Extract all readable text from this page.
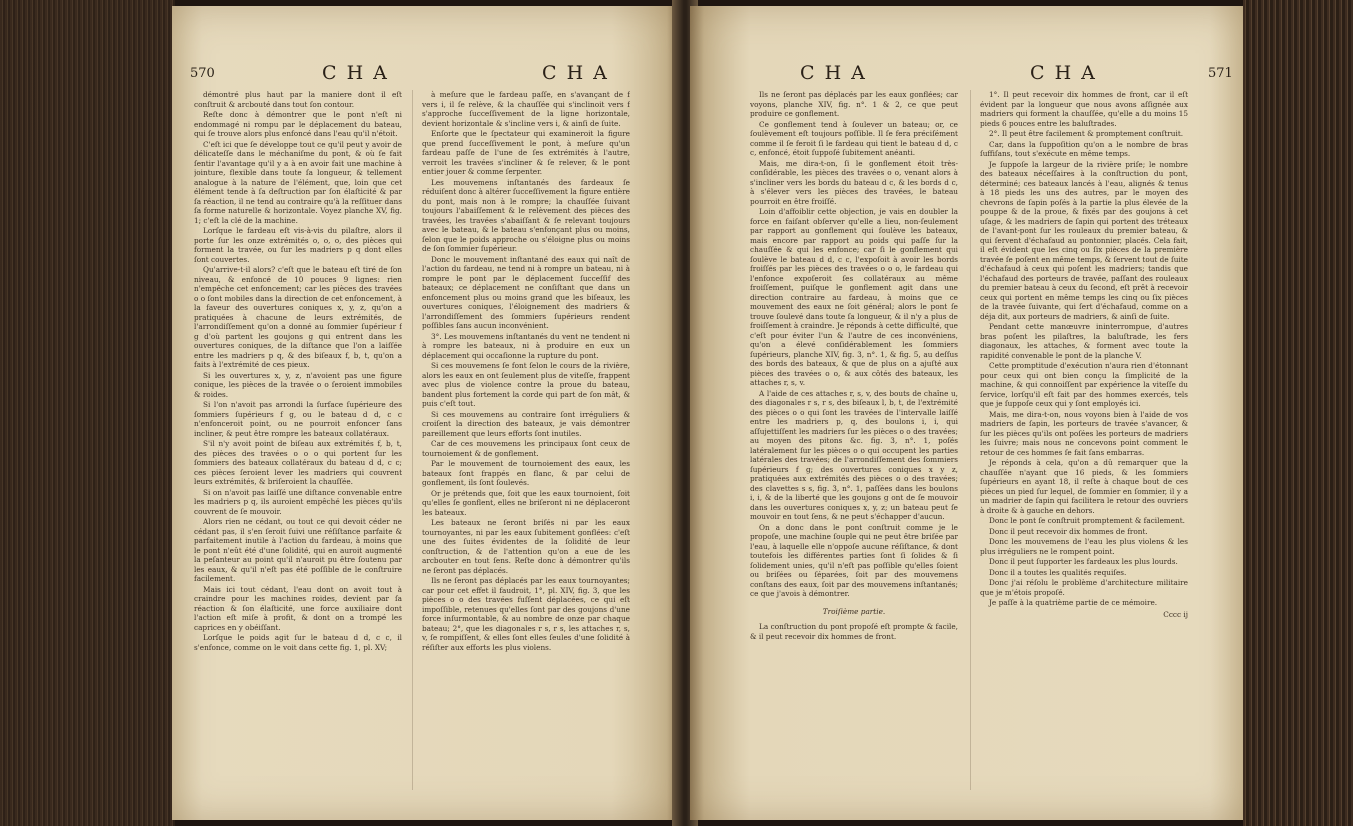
570	C H A	C H A

démontré plus haut par la maniere dont il eſt conſtruit & arcbouté dans tout ſon contour.

Reſte donc à démontrer que le pont n'eſt ni endommagé ni rompu par le déplacement du bateau, qui ſe trouve alors plus enfoncé dans l'eau qu'il n'étoit.

C'eſt ici que ſe développe tout ce qu'il peut y avoir de délicateſſe dans le méchaniſme du pont, & où ſe fait ſentir l'avantage qu'il y a à en avoir fait une machine à jointure, flexible dans toute ſa longueur, & tellement analogue à la nature de l'élément, que, loin que cet élément tende à ſa deſtruction par ſon élaſticité & par ſa réaction, il ne tend au contraire qu'à la reſſituer dans ſa forme naturelle & horizontale. Voyez planche XV, fig. 1; c'eſt la clé de la machine.

Lorſque le fardeau eſt vis-à-vis du pilaſtre, alors il porte ſur les onze extrémités o, o, o, des pièces qui forment la travée, ou ſur les madriers p q dont elles ſont couvertes.

Qu'arrive-t-il alors? c'eſt que le bateau eſt tiré de ſon niveau, & enfoncé de 10 pouces 9 lignes: rien n'empêche cet enfoncement; car les pièces des travées o o ſont mobiles dans la direction de cet enfoncement, à la faveur des ouvertures coniques x, y, z, qu'on a pratiquées à chacune de leurs extrémités, de l'arrondiſſement qu'on a donné au ſommier ſupérieur f g d'où partent les goujons g qui entrent dans les ouvertures coniques, de la diſtance que l'on a laiſſée entre les madriers p q, & des biſeaux f, b, t, qu'on a faits à l'extrémité de ces pieux.

Si les ouvertures x, y, z, n'avoient pas une figure conique, les pièces de la travée o o ſeroient immobiles & roides.

Si l'on n'avoit pas arrondi la ſurface ſupérieure des ſommiers ſupérieurs f g, ou le bateau d d, c c n'enfonceroit point, ou ne pourroit enfoncer ſans incliner, & peut être rompre les bateaux collatéraux.

S'il n'y avoit point de biſeau aux extrémités f, b, t, des pièces des travées o o o qui portent ſur les ſommiers des bateaux collatéraux du bateau d d, c c; ces pièces ſeroient lever les madriers qui couvrent leurs extrémités, & briſeroient la chauſſée.

Si on n'avoit pas laiſſé une diſtance convenable entre les madriers p q, ils auroient empêché les pièces qu'ils couvrent de ſe mouvoir.

Alors rien ne cédant, ou tout ce qui devoit céder ne cédant pas, il s'en ſeroit ſuivi une réſiſtance parfaite & parfaitement inutile à l'action du fardeau, à moins que le pont n'eût été d'une ſolidité, qui en auroit augmenté la peſanteur au point qu'il n'auroit pu être ſoutenu par les eaux, & qu'il n'eſt pas été poſſible de le conſtruire facilement.

Mais ici tout cédant, l'eau dont on avoit tout à craindre pour les machines roides, devient par ſa réaction & ſon élaſticité, une force auxiliaire dont l'action eſt miſe à profit, & dont on a trompé les caprices en y obéiſſant.

Lorſque le poids agit ſur le bateau d d, c c, il s'enfonce, comme on le voit dans cette fig. 1, pl. XV;

à meſure que le fardeau paſſe, en s'avançant de f vers i, il ſe relève, & la chauſſée qui s'inclinoit vers f s'approche ſucceſſivement de la ligne horizontale, devient horizontale & s'incline vers i, & ainſi de ſuite.

Enſorte que le ſpectateur qui examineroit la figure que prend ſucceſſivement le pont, à meſure qu'un fardeau paſſe de l'une de ſes extrémités à l'autre, verroit les travées s'incliner & ſe relever, & le pont entier jouer & comme ſerpenter.

Les mouvemens inſtantanés des fardeaux ſe réduiſent donc à altérer ſucceſſivement la figure entière du pont, mais non à le rompre; la chauſſée ſuivant toujours l'abaiſſement & le relèvement des pièces des travées, les travées s'abaiſſant & ſe relevant toujours avec le bateau, & le bateau s'enfonçant plus ou moins, ſelon que le poids approche ou s'éloigne plus ou moins de ſon ſommier ſupérieur.

Donc le mouvement inſtantané des eaux qui naît de l'action du fardeau, ne tend ni à rompre un bateau, ni à rompre le pont par le déplacement ſucceſſif des bateaux; ce déplacement ne conſiſtant que dans un enfoncement plus ou moins grand que les biſeaux, les ouvertures coniques, l'éloignement des madriers & l'arrondiſſement des ſommiers ſupérieurs rendent poſſibles ſans aucun inconvénient.

3°. Les mouvemens inſtantanés du vent ne tendent ni à rompre les bateaux, ni à produire en eux un déplacement qui occaſionne la rupture du pont.

Si ces mouvemens ſe font ſelon le cours de la rivière, alors les eaux en ont ſeulement plus de viteſſe, frappent avec plus de violence contre la proue du bateau, bandent plus fortement la corde qui part de ſon mât, & puis c'eſt tout.

Si ces mouvemens au contraire ſont irréguliers & croiſent la direction des bateaux, je vais démontrer pareillement que leurs efforts ſont inutiles.

Car de ces mouvemens les principaux ſont ceux de tournoiement & de gonflement.

Par le mouvement de tournoiement des eaux, les bateaux ſont frappés en flanc, & par celui de gonflement, ils ſont ſoulevés.

Or je prétends que, ſoit que les eaux tournoient, ſoit qu'elles ſe gonflent, elles ne briſeront ni ne déplaceront les bateaux.

Les bateaux ne ſeront briſés ni par les eaux tournoyantes, ni par les eaux ſubitement gonflées: c'eſt une des ſuites évidentes de la ſolidité de leur conſtruction, & de l'attention qu'on a eue de les arcbouter en tout ſens. Reſte donc à démontrer qu'ils ne ſeront pas déplacés.

Ils ne ſeront pas déplacés par les eaux tournoyantes; car pour cet effet il faudroit, 1°, pl. XIV, fig. 3, que les pièces o o des travées fuſſent déplacées, ce qui eſt impoſſible, retenues qu'elles ſont par des goujons d'une force inſurmontable, & au nombre de onze par chaque bateau; 2°, que les diagonales r s, r s, les attaches r, s, v, ſe rompiſſent, & elles ſont elles ſeules d'une ſolidité à réſiſter aux efforts les plus violens.

C H A	C H A	571

Ils ne ſeront pas déplacés par les eaux gonflées; car voyons, planche XIV, fig. n°. 1 & 2, ce que peut produire ce gonflement.

Ce gonflement tend à ſoulever un bateau; or, ce ſoulèvement eſt toujours poſſible. Il ſe fera préciſément comme il ſe feroit ſi le fardeau qui tient le bateau d d, c c, enfoncé, étoit ſuppoſé ſubitement anéanti.

Mais, me dira-t-on, ſi le gonflement étoit très-conſidérable, les pièces des travées o o, venant alors à s'incliner vers les bords du bateau d c, & les bords d c, à s'élever vers les pièces des travées, le bateau pourroit en être froiſſé.

Loin d'affoiblir cette objection, je vais en doubler la force en faiſant obſerver qu'elle a lieu, non-ſeulement par rapport au gonflement qui ſoulève les bateaux, mais encore par rapport au poids qui paſſe ſur la chauſſée & qui les enfonce; car ſi le gonflement qui ſoulève le bateau d d, c c, l'expoſoit à avoir les bords froiſſés par les pièces des travées o o o, le fardeau qui l'enfonce expoſeroit ſes collatéraux au même froiſſement, puiſque le gonflement agit dans une direction contraire au fardeau, à moins que ce mouvement des eaux ne ſoit général; alors le pont ſe trouve ſoulevé dans toute ſa longueur, & il n'y a plus de froiſſement à craindre. Je réponds à cette difficulté, que c'eſt pour éviter l'un & l'autre de ces inconvéniens, qu'on a élevé conſidérablement les ſommiers ſupérieurs, planche XIV, fig. 3, n°. 1, & fig. 5, au deſſus des bords des bateaux, & que de plus on a ajuſté aux pièces des travées o o, & aux côtés des bateaux, les attaches r, s, v.

A l'aide de ces attaches r, s, v, des bouts de chaîne u, des diagonales r s, r s, des biſeaux l, b, t, de l'extrémité des pièces o o qui ſont les travées de l'intervalle laiſſé entre les madriers p, q, des boulons i, i, qui aſſujettiſſent les madriers ſur les pièces o o des travées; au moyen des pitons &c. fig. 3, n°. 1, poſés latéralement ſur les pièces o o qui occupent les parties latérales des travées; de l'arrondiſſement des ſommiers ſupérieurs f g; des ouvertures coniques x y z, pratiquées aux extrémités des pièces o o des travées; des clavettes s s, fig. 3, n°. 1, paſſées dans les boulons i, i, & de la liberté que les goujons g ont de ſe mouvoir dans les ouvertures coniques x, y, z; un bateau peut ſe mouvoir en tout ſens, & ne peut s'échapper d'aucun.

On a donc dans le pont conſtruit comme je le propoſe, une machine ſouple qui ne peut être briſée par l'eau, à laquelle elle n'oppoſe aucune réſiſtance, & dont toutefois les différentes parties ſont ſi ſolides & ſi ſolidement unies, qu'il n'eſt pas poſſible qu'elles ſoient ou briſées ou ſéparées, ſoit par des mouvemens conſtans des eaux, ſoit par des mouvemens inſtantanés; ce que j'avois à démontrer.

Troiſième partie.

La conſtruction du pont propoſé eſt prompte & facile, & il peut recevoir dix hommes de front.

1°. Il peut recevoir dix hommes de front, car il eſt évident par la longueur que nous avons aſſignée aux madriers qui forment la chauſſée, qu'elle a du moins 15 pieds 6 pouces entre les baluſtrades.

2°. Il peut être facilement & promptement conſtruit.

Car, dans la ſuppoſition qu'on a le nombre de bras ſuffiſans, tout s'exécute en même temps.

Je ſuppoſe la largeur de la rivière priſe; le nombre des bateaux néceſſaires à la conſtruction du pont, déterminé; ces bateaux lancés à l'eau, alignés & tenus à 18 pieds les uns des autres, par le moyen des chevrons de ſapin poſés à la partie la plus élevée de la pouppe & de la proue, & fixés par des goujons à cet uſage, & les madriers de ſapin qui portent des tréteaux de l'avant-pont ſur les rouleaux du premier bateau, & qui ſervent d'échafaud au pontonnier, placés. Cela fait, il eſt évident que les cinq ou ſix pièces de la première travée ſe poſent en même temps, & ſervent tout de ſuite d'échafaud à ceux qui poſent les madriers; tandis que l'échafaud des porteurs de travée, paſſant des rouleaux du premier bateau à ceux du ſecond, eſt prêt à recevoir ceux qui portent en même temps les cinq ou ſix pièces de la travée ſuivante, qui ſert d'échafaud, comme on a déja dit, aux porteurs de madriers, & ainſi de ſuite.

Pendant cette manœuvre ininterrompue, d'autres bras poſent les pilaſtres, la baluſtrade, les fers diagonaux, les attaches, & forment avec toute la rapidité convenable le pont de la planche V.

Cette promptitude d'exécution n'aura rien d'étonnant pour ceux qui ont bien conçu la ſimplicité de la machine, & qui connoiſſent par expérience la viteſſe du ſervice, lorſqu'il eſt fait par des hommes exercés, tels que je ſuppoſe ceux qui y ſont employés ici.

Mais, me dira-t-on, nous voyons bien à l'aide de vos madriers de ſapin, les porteurs de travée s'avancer, & ſur les pièces qu'ils ont poſées les porteurs de madriers les ſuivre; mais nous ne concevons point comment le retour de ces hommes ſe fait ſans embarras.

Je réponds à cela, qu'on a dû remarquer que la chauſſée n'ayant que 16 pieds, & les ſommiers ſupérieurs en ayant 18, il reſte à chaque bout de ces pièces un pied ſur lequel, de ſommier en ſommier, il y a un madrier de ſapin qui facilitera le retour des ouvriers à droite & à gauche en dehors.

Donc le pont ſe conſtruit promptement & facilement.

Donc il peut recevoir dix hommes de front.

Donc les mouvemens de l'eau les plus violens & les plus irréguliers ne le rompent point.

Donc il peut ſupporter les fardeaux les plus lourds.

Donc il a toutes les qualités requiſes.

Donc j'ai réſolu le problème d'architecture militaire que je m'étois propoſé.

Je paſſe à la quatrième partie de ce mémoire.

Cccc ij
